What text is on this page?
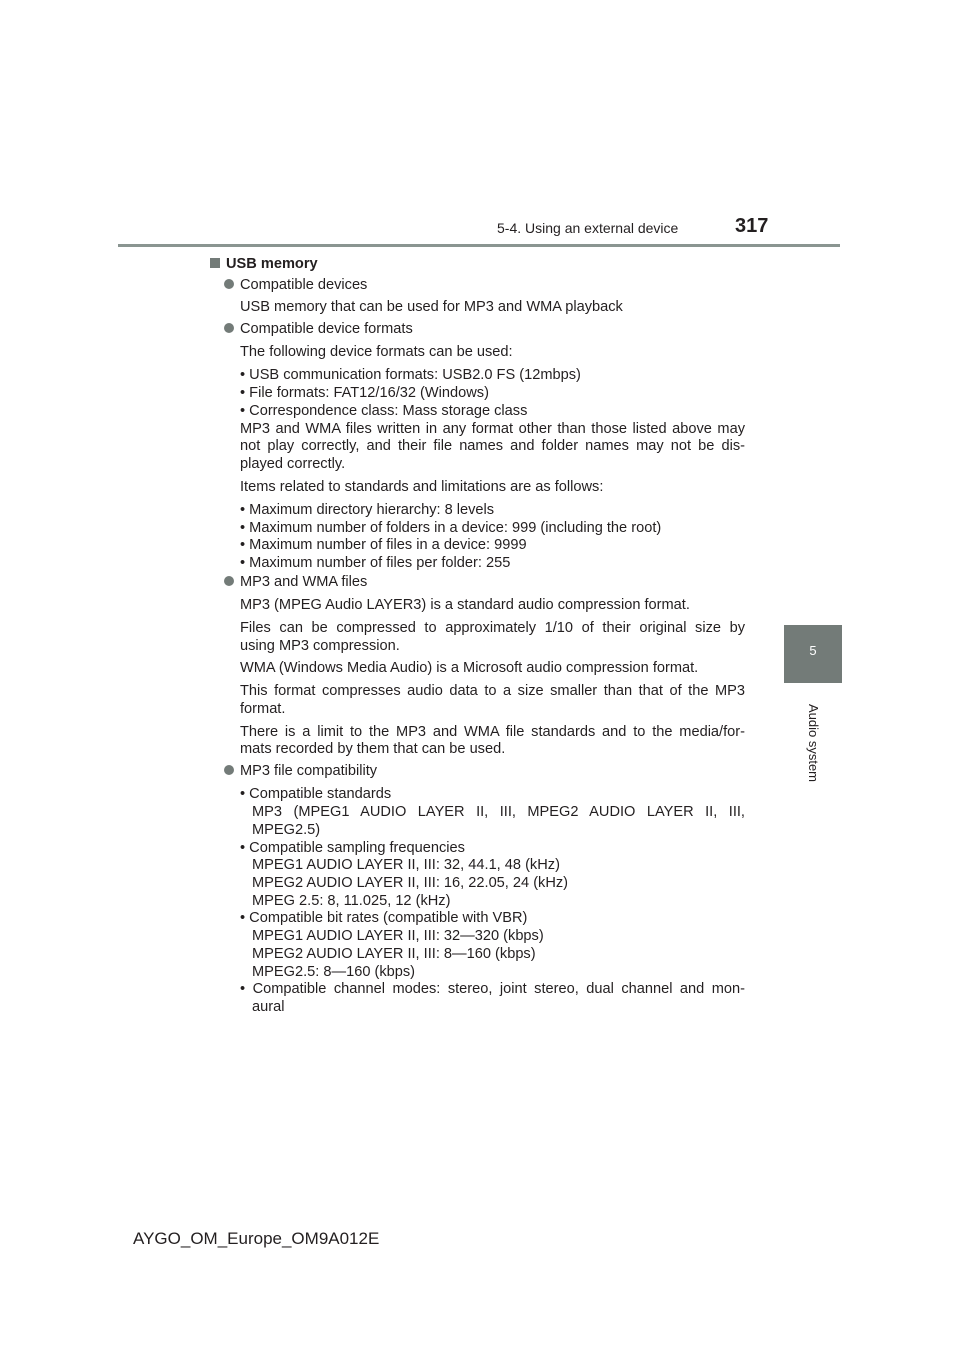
5-4. Using an external device	317
5
Audio system
USB memory
Compatible devices
USB memory that can be used for MP3 and WMA playback
Compatible device formats
The following device formats can be used:
• USB communication formats: USB2.0 FS (12mbps)
• File formats: FAT12/16/32 (Windows)
• Correspondence class: Mass storage class
MP3 and WMA files written in any format other than those listed above may
not play correctly, and their file names and folder names may not be dis-
played correctly.
Items related to standards and limitations are as follows:
• Maximum directory hierarchy: 8 levels
• Maximum number of folders in a device: 999 (including the root)
• Maximum number of files in a device: 9999
• Maximum number of files per folder: 255
MP3 and WMA files
MP3 (MPEG Audio LAYER3) is a standard audio compression format.
Files can be compressed to approximately 1/10 of their original size by
using MP3 compression.
WMA (Windows Media Audio) is a Microsoft audio compression format.
This format compresses audio data to a size smaller than that of the MP3
format.
There is a limit to the MP3 and WMA file standards and to the media/for-
mats recorded by them that can be used.
MP3 file compatibility
• Compatible standards
MP3 (MPEG1 AUDIO LAYER II, III, MPEG2 AUDIO LAYER II, III,
MPEG2.5)
• Compatible sampling frequencies
MPEG1 AUDIO LAYER II, III: 32, 44.1, 48 (kHz)
MPEG2 AUDIO LAYER II, III: 16, 22.05, 24 (kHz)
MPEG 2.5: 8, 11.025, 12 (kHz)
• Compatible bit rates (compatible with VBR)
MPEG1 AUDIO LAYER II, III: 32—320 (kbps)
MPEG2 AUDIO LAYER II, III: 8—160 (kbps)
MPEG2.5: 8—160 (kbps)
• Compatible channel modes: stereo, joint stereo, dual channel and mon-
aural
AYGO_OM_Europe_OM9A012E
